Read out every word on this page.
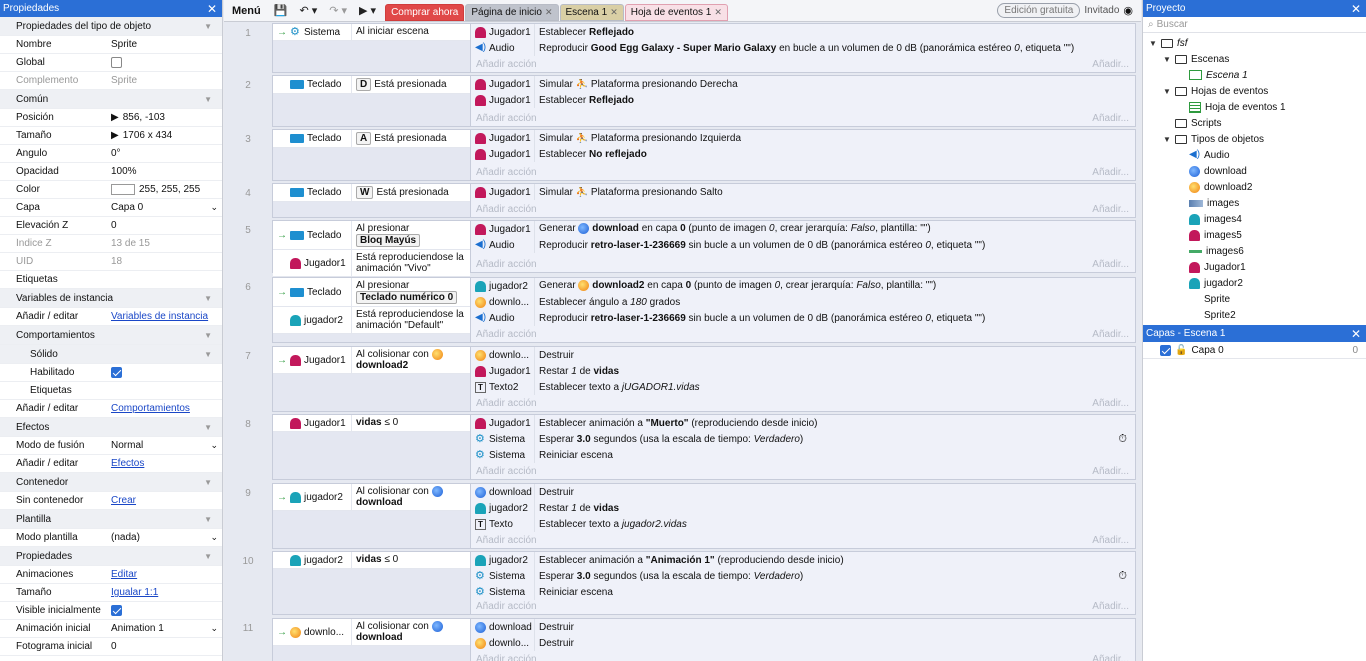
Propiedades	✕
Propiedades del tipo de objeto	▼
Nombre	Sprite
Global
Complemento	Sprite
Común	▼
Posición	▶ 856, -103
Tamaño	▶ 1706 x 434
Ángulo	0°
Opacidad	100%
Color	255, 255, 255
Capa	Capa 0	⌄
Elevación Z	0
Índice Z	13 de 15
UID	18
Etiquetas
Variables de instancia	▼
Añadir / editar	Variables de instancia
Comportamientos	▼
Sólido	▼
Habilitado
Etiquetas
Añadir / editar	Comportamientos
Efectos	▼
Modo de fusión	Normal	⌄
Añadir / editar	Efectos
Contenedor	▼
Sin contenedor	Crear
Plantilla	▼
Modo plantilla	(nada)	⌄
Propiedades	▼
Animaciones	Editar
Tamaño	Igualar 1:1
Visible inicialmente
Animación inicial	Animation 1	⌄
Fotograma inicial	0
Menú	💾 ↶ ▾ ↷ ▾ ▶ ▾	Comprar ahora Página de inicio ✕ Escena 1 ✕ Hoja de eventos 1 ✕	Edición gratuita	Invitado ◉
1	→ ⚙ Sistema	Al iniciar escena	Jugador1 Establecer Reflejado
◀) Audio	Reproducir Good Egg Galaxy - Super Mario Galaxy en bucle a un volumen de 0 dB (panorámica estéreo 0, etiqueta "")
Añadir acción	Añadir...
2	Teclado	D Está presionada	Jugador1 Simular ⛹ Plataforma presionando Derecha
Jugador1 Establecer Reflejado
Añadir acción	Añadir...
3	Teclado	A Está presionada	Jugador1 Simular ⛹ Plataforma presionando Izquierda
Jugador1 Establecer No reflejado
Añadir acción	Añadir...
4	Teclado	W Está presionada	Jugador1 Simular ⛹ Plataforma presionando Salto
Añadir acción	Añadir...
5	→ Teclado
Al presionar Bloq Mayús
Jugador1	Está reproduciendose la animación "Vivo"
Jugador1 Generar  download en capa 0 (punto de imagen 0, crear jerarquía: Falso, plantilla: "")
◀) Audio	Reproducir retro-laser-1-236669 sin bucle a un volumen de 0 dB (panorámica estéreo 0, etiqueta "")
Añadir acción	Añadir...
6	→ Teclado
Al presionar Teclado numérico 0
jugador2	Está reproduciendose la animación "Default"
jugador2	Generar  download2 en capa 0 (punto de imagen 0, crear jerarquía: Falso, plantilla: "")
downlo... Establecer ángulo a 180 grados
◀) Audio	Reproducir retro-laser-1-236669 sin bucle a un volumen de 0 dB (panorámica estéreo 0, etiqueta "")
Añadir acción	Añadir...
7	→ Jugador1	Al colisionar con
download2
downlo... Destruir
Jugador1 Restar 1 de vidas
T Texto2	Establecer texto a jUGADOR1.vidas
Añadir acción	Añadir...
8	Jugador1	vidas ≤ 0	Jugador1 Establecer animación a "Muerto" (reproduciendo desde inicio)
⚙ Sistema	Esperar 3.0 segundos (usa la escala de tiempo: Verdadero)	⏱
⚙ Sistema	Reiniciar escena
Añadir acción	Añadir...
9	→ jugador2	Al colisionar con
download
download Destruir
jugador2	Restar 1 de vidas
T Texto	Establecer texto a jugador2.vidas
Añadir acción	Añadir...
10	jugador2	vidas ≤ 0	jugador2	Establecer animación a "Animación 1" (reproduciendo desde inicio)
⚙ Sistema	Esperar 3.0 segundos (usa la escala de tiempo: Verdadero)	⏱
⚙ Sistema	Reiniciar escena
Añadir acción	Añadir...
11	→ downlo...	Al colisionar con
download
download Destruir
downlo... Destruir
Añadir acción	Añadir...
Proyecto	✕
⌕ Buscar
▼ fsf
▼ Escenas
Escena 1
▼ Hojas de eventos
Hoja de eventos 1
Scripts
▼ Tipos de objetos
◀) Audio
download
download2
images
images4
images5
images6
Jugador1
jugador2
Sprite
Sprite2
Capas - Escena 1	✕
🔓 Capa 0	0
